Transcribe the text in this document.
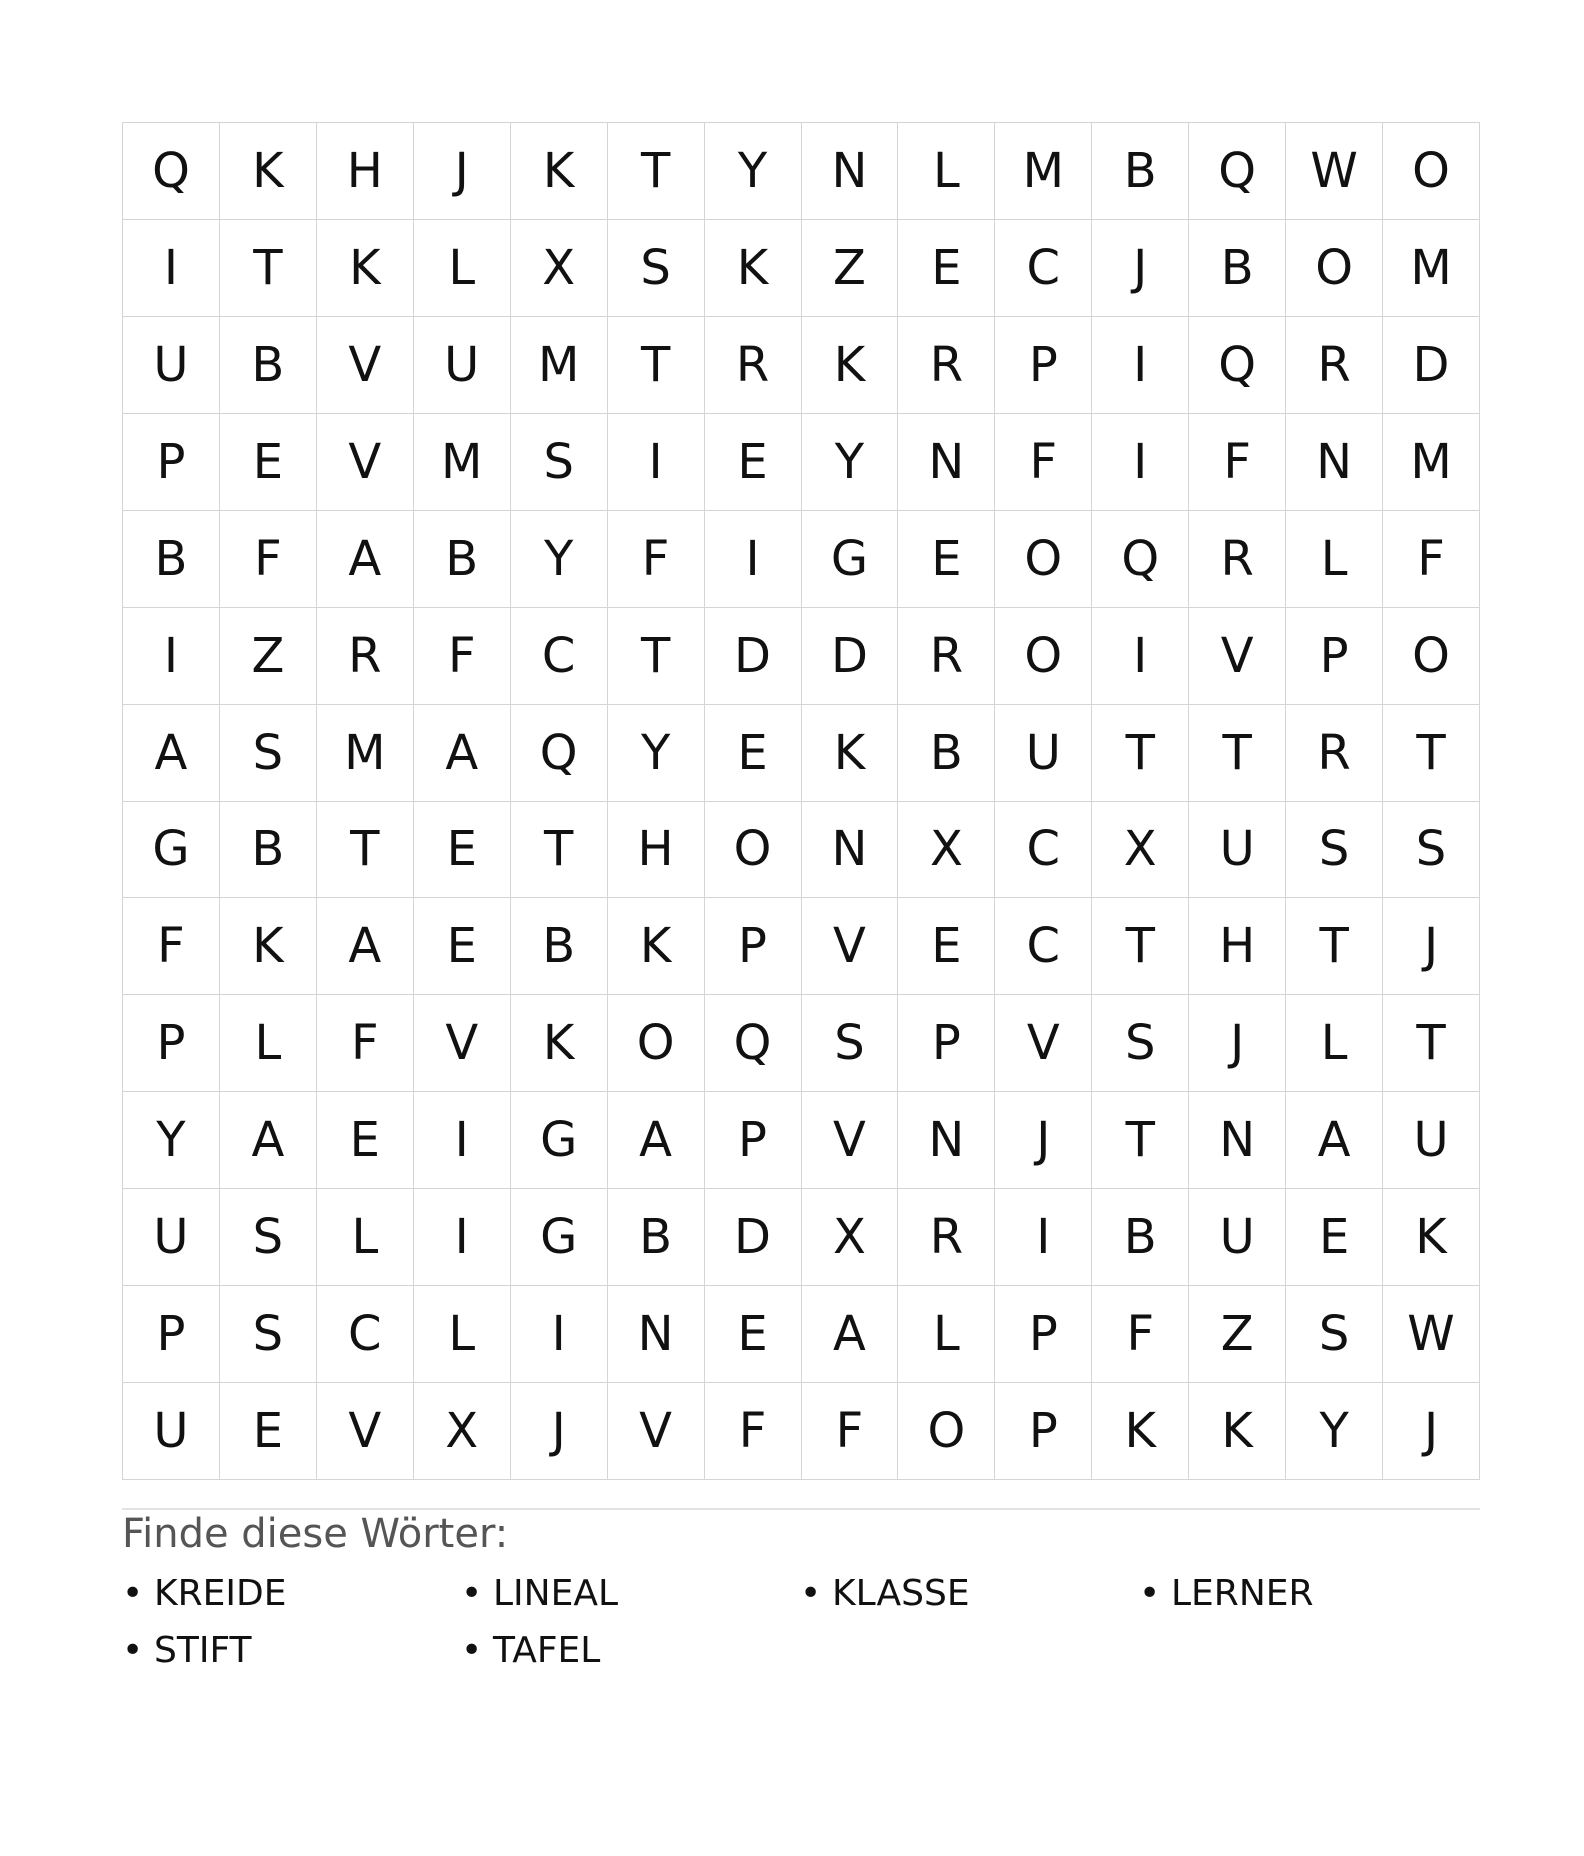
Q	K	H	J	K	T	Y	N	L	M	B	Q	W	O
I	T	K	L	X	S	K	Z	E	C	J	B	O	M
U	B	V	U	M	T	R	K	R	P	I	Q	R	D
P	E	V	M	S	I	E	Y	N	F	I	F	N	M
B	F	A	B	Y	F	I	G	E	O	Q	R	L	F
I	Z	R	F	C	T	D	D	R	O	I	V	P	O
A	S	M	A	Q	Y	E	K	B	U	T	T	R	T
G	B	T	E	T	H	O	N	X	C	X	U	S	S
F	K	A	E	B	K	P	V	E	C	T	H	T	J
P	L	F	V	K	O	Q	S	P	V	S	J	L	T
Y	A	E	I	G	A	P	V	N	J	T	N	A	U
U	S	L	I	G	B	D	X	R	I	B	U	E	K
P	S	C	L	I	N	E	A	L	P	F	Z	S	W
U	E	V	X	J	V	F	F	O	P	K	K	Y	J
Finde diese Wörter:
• KREIDE	• LINEAL	• KLASSE	• LERNER
• STIFT	• TAFEL
